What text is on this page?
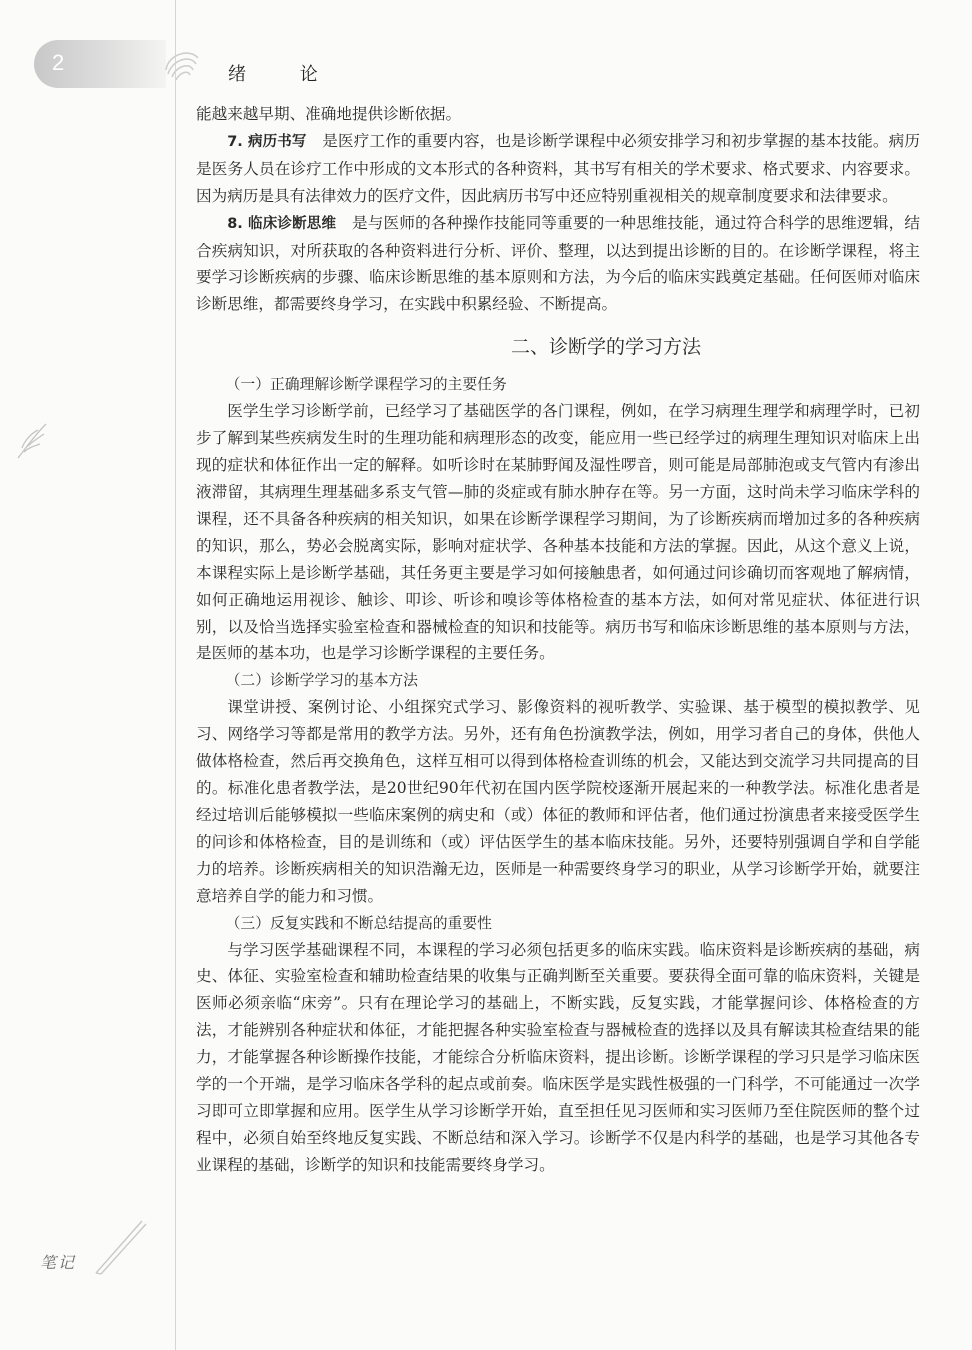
2	绪 论

能越来越早期、准确地提供诊断依据。

7. 病历书写　 是医疗工作的重要内容，也是诊断学课程中必须安排学习和初步掌握的基本技能。病历是医务人员在诊疗工作中形成的文本形式的各种资料，其书写有相关的学术要求、格式要求、内容要求。因为病历是具有法律效力的医疗文件，因此病历书写中还应特别重视相关的规章制度要求和法律要求。

8. 临床诊断思维　 是与医师的各种操作技能同等重要的一种思维技能，通过符合科学的思维逻辑，结合疾病知识，对所获取的各种资料进行分析、评价、整理，以达到提出诊断的目的。在诊断学课程，将主要学习诊断疾病的步骤、临床诊断思维的基本原则和方法，为今后的临床实践奠定基础。任何医师对临床诊断思维，都需要终身学习，在实践中积累经验、不断提高。

二、诊断学的学习方法
（一）正确理解诊断学课程学习的主要任务

医学生学习诊断学前，已经学习了基础医学的各门课程，例如，在学习病理生理学和病理学时，已初步了解到某些疾病发生时的生理功能和病理形态的改变，能应用一些已经学过的病理生理知识对临床上出现的症状和体征作出一定的解释。如听诊时在某肺野闻及湿性啰音，则可能是局部肺泡或支气管内有渗出液滞留，其病理生理基础多系支气管—肺的炎症或有肺水肿存在等。另一方面，这时尚未学习临床学科的课程，还不具备各种疾病的相关知识，如果在诊断学课程学习期间，为了诊断疾病而增加过多的各种疾病的知识，那么，势必会脱离实际，影响对症状学、各种基本技能和方法的掌握。因此，从这个意义上说，本课程实际上是诊断学基础，其任务更主要是学习如何接触患者，如何通过问诊确切而客观地了解病情，如何正确地运用视诊、触诊、叩诊、听诊和嗅诊等体格检查的基本方法，如何对常见症状、体征进行识别，以及恰当选择实验室检查和器械检查的知识和技能等。病历书写和临床诊断思维的基本原则与方法，是医师的基本功，也是学习诊断学课程的主要任务。

（二）诊断学学习的基本方法

课堂讲授、案例讨论、小组探究式学习、影像资料的视听教学、实验课、基于模型的模拟教学、见习、网络学习等都是常用的教学方法。另外，还有角色扮演教学法，例如，用学习者自己的身体，供他人做体格检查，然后再交换角色，这样互相可以得到体格检查训练的机会，又能达到交流学习共同提高的目的。标准化患者教学法，是20世纪90年代初在国内医学院校逐渐开展起来的一种教学法。标准化患者是经过培训后能够模拟一些临床案例的病史和（或）体征的教师和评估者，他们通过扮演患者来接受医学生的问诊和体格检查，目的是训练和（或）评估医学生的基本临床技能。另外，还要特别强调自学和自学能力的培养。诊断疾病相关的知识浩瀚无边，医师是一种需要终身学习的职业，从学习诊断学开始，就要注意培养自学的能力和习惯。

（三）反复实践和不断总结提高的重要性

与学习医学基础课程不同，本课程的学习必须包括更多的临床实践。临床资料是诊断疾病的基础，病史、体征、实验室检查和辅助检查结果的收集与正确判断至关重要。要获得全面可靠的临床资料，关键是医师必须亲临“床旁”。只有在理论学习的基础上，不断实践，反复实践，才能掌握问诊、体格检查的方法，才能辨别各种症状和体征，才能把握各种实验室检查与器械检查的选择以及具有解读其检查结果的能力，才能掌握各种诊断操作技能，才能综合分析临床资料，提出诊断。诊断学课程的学习只是学习临床医学的一个开端，是学习临床各学科的起点或前奏。临床医学是实践性极强的一门科学，不可能通过一次学习即可立即掌握和应用。医学生从学习诊断学开始，直至担任见习医师和实习医师乃至住院医师的整个过程中，必须自始至终地反复实践、不断总结和深入学习。诊断学不仅是内科学的基础，也是学习其他各专业课程的基础，诊断学的知识和技能需要终身学习。

笔记
